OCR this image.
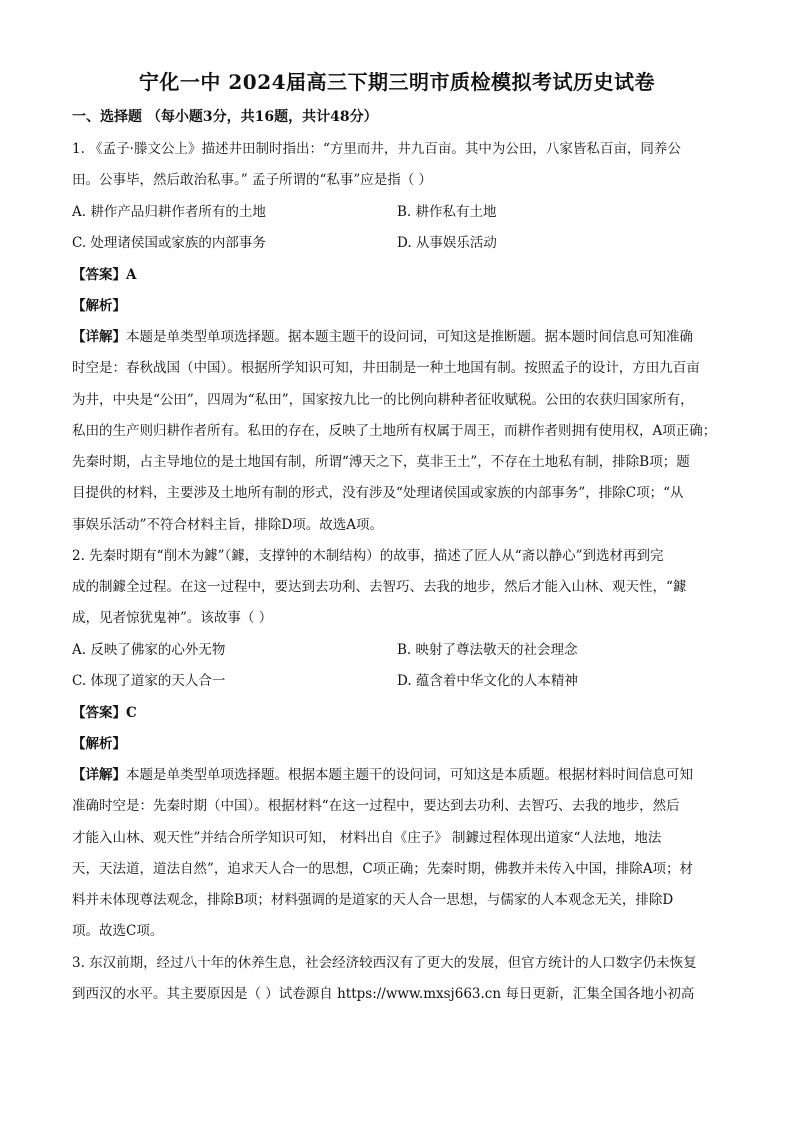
宁化一中 2024届高三下期三明市质检模拟考试历史试卷
一、选择题 （每小题3分，共16题，共计48分）
1. 《孟子·滕文公上》描述井田制时指出：“方里而井，井九百亩。其中为公田，八家皆私百亩，同养公
田。公事毕，然后敢治私事。” 孟子所谓的“私事”应是指（ ）
A. 耕作产品归耕作者所有的土地	B. 耕作私有土地
C. 处理诸侯国或家族的内部事务	D. 从事娱乐活动
【答案】A
【解析】
【详解】本题是单类型单项选择题。据本题主题干的设问词，可知这是推断题。据本题时间信息可知准确
时空是：春秋战国（中国）。根据所学知识可知，井田制是一种土地国有制。按照孟子的设计，方田九百亩
为井，中央是“公田”，四周为“私田”，国家按九比一的比例向耕种者征收赋税。公田的农获归国家所有，
私田的生产则归耕作者所有。私田的存在，反映了土地所有权属于周王，而耕作者则拥有使用权，A项正确；
先秦时期，占主导地位的是土地国有制，所谓“溥天之下，莫非王土”，不存在土地私有制，排除B项；题
目提供的材料，主要涉及土地所有制的形式，没有涉及“处理诸侯国或家族的内部事务”，排除C项；“从
事娱乐活动”不符合材料主旨，排除D项。故选A项。
2. 先秦时期有“削木为鐻”（鐻，支撑钟的木制结构）的故事，描述了匠人从“斋以静心”到选材再到完
成的制鐻全过程。在这一过程中，要达到去功利、去智巧、去我的地步，然后才能入山林、观天性，“鐻
成，见者惊犹鬼神”。该故事（ ）
A. 反映了佛家的心外无物	B. 映射了尊法敬天的社会理念
C. 体现了道家的天人合一	D. 蕴含着中华文化的人本精神
【答案】C
【解析】
【详解】本题是单类型单项选择题。根据本题主题干的设问词，可知这是本质题。根据材料时间信息可知
准确时空是：先秦时期（中国）。根据材料“在这一过程中，要达到去功利、去智巧、去我的地步，然后
才能入山林、观天性”并结合所学知识可知， 材料出自《庄子》 制鐻过程体现出道家“人法地，地法
天，天法道，道法自然”，追求天人合一的思想，C项正确；先秦时期，佛教并未传入中国，排除A项；材
料并未体现尊法观念，排除B项；材料强调的是道家的天人合一思想，与儒家的人本观念无关，排除D
项。故选C项。
3. 东汉前期，经过八十年的休养生息，社会经济较西汉有了更大的发展，但官方统计的人口数字仍未恢复
到西汉的水平。其主要原因是（ ）试卷源自 https://www.mxsj663.cn 每日更新，汇集全国各地小初高
